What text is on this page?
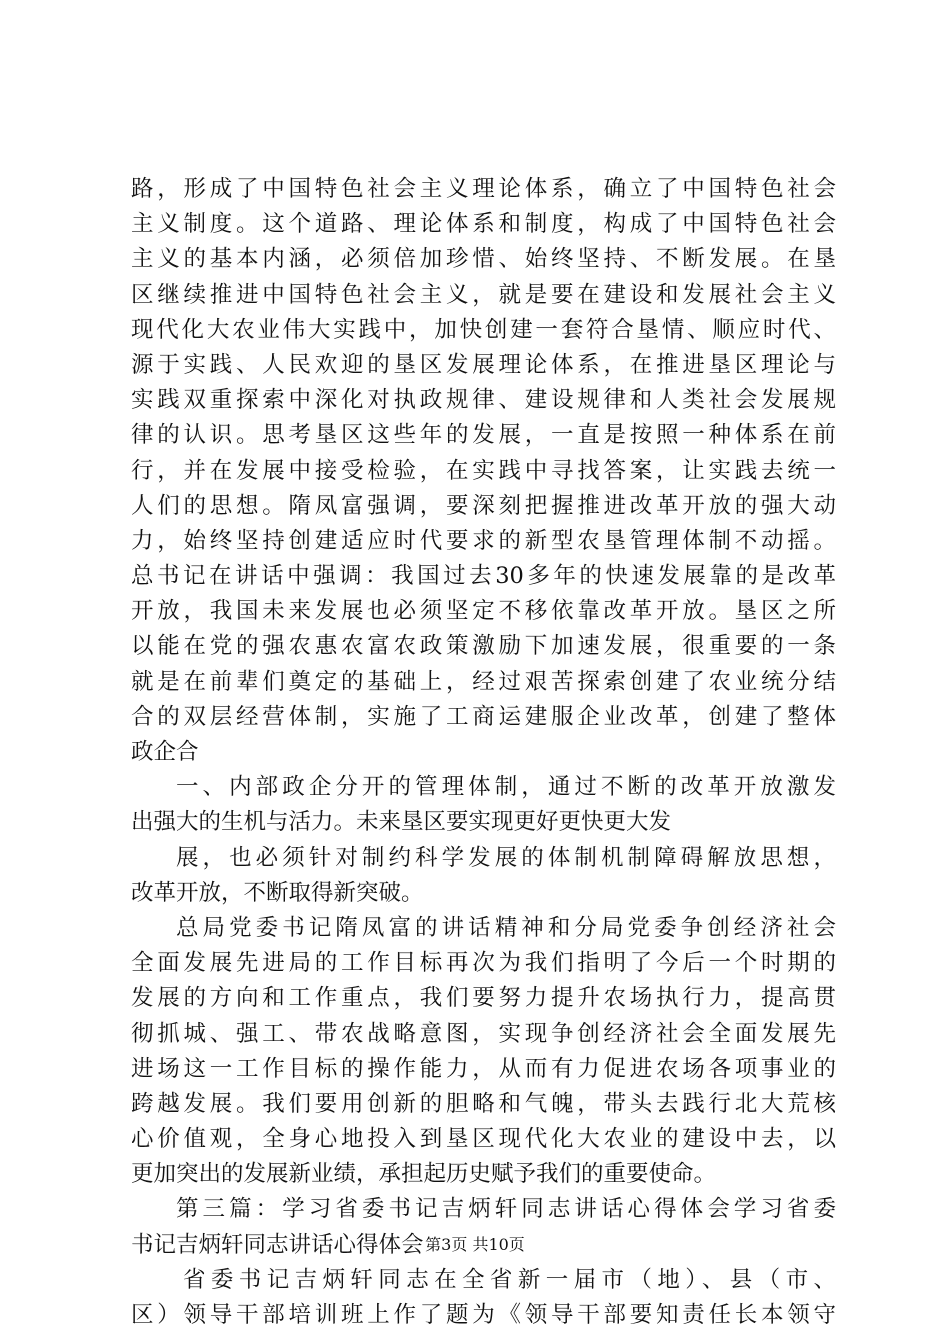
路，形成了中国特色社会主义理论体系，确立了中国特色社会
主义制度。这个道路、理论体系和制度，构成了中国特色社会
主义的基本内涵，必须倍加珍惜、始终坚持、不断发展。在垦
区继续推进中国特色社会主义，就是要在建设和发展社会主义
现代化大农业伟大实践中，加快创建一套符合垦情、顺应时代、
源于实践、人民欢迎的垦区发展理论体系，在推进垦区理论与
实践双重探索中深化对执政规律、建设规律和人类社会发展规
律的认识。思考垦区这些年的发展，一直是按照一种体系在前
行，并在发展中接受检验，在实践中寻找答案，让实践去统一
人们的思想。隋凤富强调，要深刻把握推进改革开放的强大动
力，始终坚持创建适应时代要求的新型农垦管理体制不动摇。
总书记在讲话中强调：我国过去30多年的快速发展靠的是改革
开放，我国未来发展也必须坚定不移依靠改革开放。垦区之所
以能在党的强农惠农富农政策激励下加速发展，很重要的一条
就是在前辈们奠定的基础上，经过艰苦探索创建了农业统分结
合的双层经营体制，实施了工商运建服企业改革，创建了整体
政企合
一、内部政企分开的管理体制，通过不断的改革开放激发
出强大的生机与活力。未来垦区要实现更好更快更大发
展，也必须针对制约科学发展的体制机制障碍解放思想，
改革开放，不断取得新突破。
总局党委书记隋凤富的讲话精神和分局党委争创经济社会
全面发展先进局的工作目标再次为我们指明了今后一个时期的
发展的方向和工作重点，我们要努力提升农场执行力，提高贯
彻抓城、强工、带农战略意图，实现争创经济社会全面发展先
进场这一工作目标的操作能力，从而有力促进农场各项事业的
跨越发展。我们要用创新的胆略和气魄，带头去践行北大荒核
心价值观，全身心地投入到垦区现代化大农业的建设中去，以
更加突出的发展新业绩，承担起历史赋予我们的重要使命。
第三篇：学习省委书记吉炳轩同志讲话心得体会学习省委
书记吉炳轩同志讲话心得体会
省委书记吉炳轩同志在全省新一届市（地）、县（市、
区）领导干部培训班上作了题为《领导干部要知责任长本领守
第3页 共10页
